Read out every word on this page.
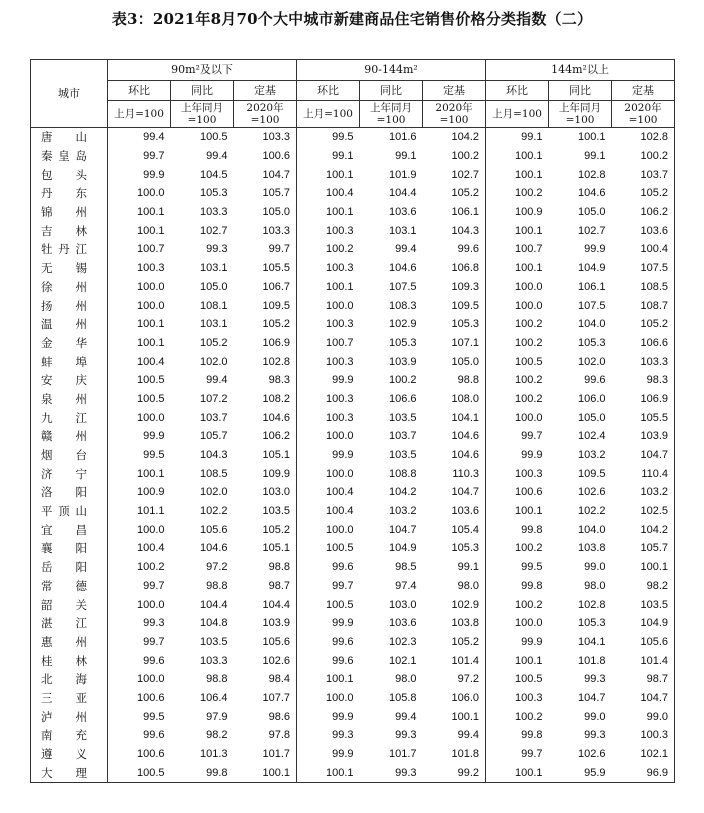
表3：2021年8月70个大中城市新建商品住宅销售价格分类指数（二）
城市	90m²及以下			90-144m²			144m²以上		
	环比	同比	定基	环比	同比	定基	环比	同比	定基
	上月=100	上年同月=100	2020年=100	上月=100	上年同月=100	2020年=100	上月=100	上年同月=100	2020年=100
唐山	99.4	100.5	103.3	99.5	101.6	104.2	99.1	100.1	102.8
秦皇岛	99.7	99.4	100.6	99.1	99.1	100.2	100.1	99.1	100.2
包头	99.9	104.5	104.7	100.1	101.9	102.7	100.1	102.8	103.7
丹东	100.0	105.3	105.7	100.4	104.4	105.2	100.2	104.6	105.2
锦州	100.1	103.3	105.0	100.1	103.6	106.1	100.9	105.0	106.2
吉林	100.1	102.7	103.3	100.3	103.1	104.3	100.1	102.7	103.6
牡丹江	100.7	99.3	99.7	100.2	99.4	99.6	100.7	99.9	100.4
无锡	100.3	103.1	105.5	100.3	104.6	106.8	100.1	104.9	107.5
徐州	100.0	105.0	106.7	100.1	107.5	109.3	100.0	106.1	108.5
扬州	100.0	108.1	109.5	100.0	108.3	109.5	100.0	107.5	108.7
温州	100.1	103.1	105.2	100.3	102.9	105.3	100.2	104.0	105.2
金华	100.1	105.2	106.9	100.7	105.3	107.1	100.2	105.3	106.6
蚌埠	100.4	102.0	102.8	100.3	103.9	105.0	100.5	102.0	103.3
安庆	100.5	99.4	98.3	99.9	100.2	98.8	100.2	99.6	98.3
泉州	100.5	107.2	108.2	100.3	106.6	108.0	100.2	106.0	106.9
九江	100.0	103.7	104.6	100.3	103.5	104.1	100.0	105.0	105.5
赣州	99.9	105.7	106.2	100.0	103.7	104.6	99.7	102.4	103.9
烟台	99.5	104.3	105.1	99.9	103.5	104.6	99.9	103.2	104.7
济宁	100.1	108.5	109.9	100.0	108.8	110.3	100.3	109.5	110.4
洛阳	100.9	102.0	103.0	100.4	104.2	104.7	100.6	102.6	103.2
平顶山	101.1	102.2	103.5	100.4	103.2	103.6	100.1	102.2	102.5
宜昌	100.0	105.6	105.2	100.0	104.7	105.4	99.8	104.0	104.2
襄阳	100.4	104.6	105.1	100.5	104.9	105.3	100.2	103.8	105.7
岳阳	100.2	97.2	98.8	99.6	98.5	99.1	99.5	99.0	100.1
常德	99.7	98.8	98.7	99.7	97.4	98.0	99.8	98.0	98.2
韶关	100.0	104.4	104.4	100.5	103.0	102.9	100.2	102.8	103.5
湛江	99.3	104.8	103.9	99.9	103.6	103.8	100.0	105.3	104.9
惠州	99.7	103.5	105.6	99.6	102.3	105.2	99.9	104.1	105.6
桂林	99.6	103.3	102.6	99.6	102.1	101.4	100.1	101.8	101.4
北海	100.0	98.8	98.4	100.1	98.0	97.2	100.5	99.3	98.7
三亚	100.6	106.4	107.7	100.0	105.8	106.0	100.3	104.7	104.7
泸州	99.5	97.9	98.6	99.9	99.4	100.1	100.2	99.0	99.0
南充	99.6	98.2	97.8	99.3	99.3	99.4	99.8	99.3	100.3
遵义	100.6	101.3	101.7	99.9	101.7	101.8	99.7	102.6	102.1
大理	100.5	99.8	100.1	100.1	99.3	99.2	100.1	95.9	96.9
